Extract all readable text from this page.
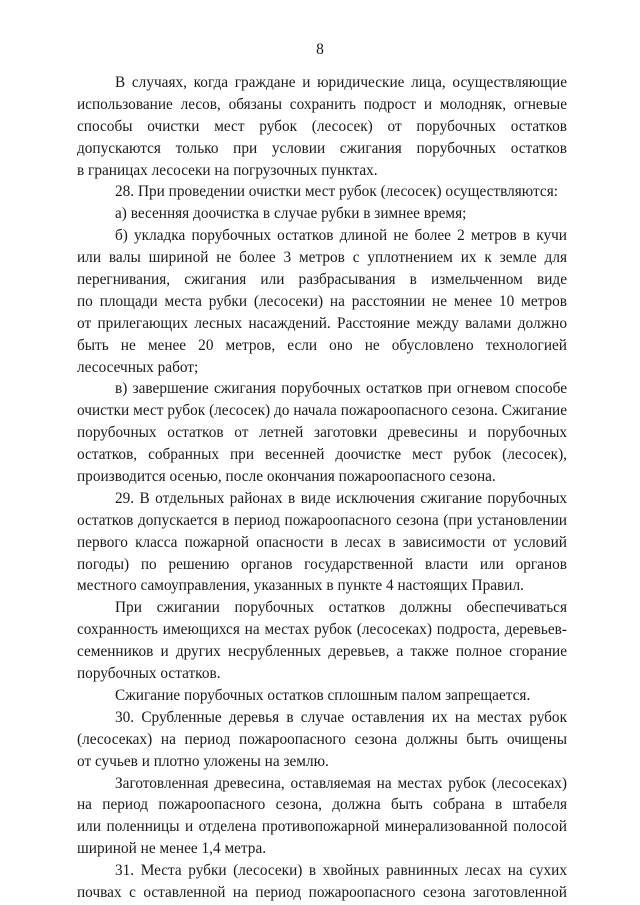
8
В случаях, когда граждане и юридические лица, осуществляющие
использование лесов, обязаны сохранить подрост и молодняк, огневые
способы очистки мест рубок (лесосек) от порубочных остатков
допускаются только при условии сжигания порубочных остатков
в границах лесосеки на погрузочных пунктах.
28. При проведении очистки мест рубок (лесосек) осуществляются:
а) весенняя доочистка в случае рубки в зимнее время;
б) укладка порубочных остатков длиной не более 2 метров в кучи
или валы шириной не более 3 метров с уплотнением их к земле для
перегнивания, сжигания или разбрасывания в измельченном виде
по площади места рубки (лесосеки) на расстоянии не менее 10 метров
от прилегающих лесных насаждений. Расстояние между валами должно
быть не менее 20 метров, если оно не обусловлено технологией
лесосечных работ;
в) завершение сжигания порубочных остатков при огневом способе
очистки мест рубок (лесосек) до начала пожароопасного сезона. Сжигание
порубочных остатков от летней заготовки древесины и порубочных
остатков, собранных при весенней доочистке мест рубок (лесосек),
производится осенью, после окончания пожароопасного сезона.
29. В отдельных районах в виде исключения сжигание порубочных
остатков допускается в период пожароопасного сезона (при установлении
первого класса пожарной опасности в лесах в зависимости от условий
погоды) по решению органов государственной власти или органов
местного самоуправления, указанных в пункте 4 настоящих Правил.
При сжигании порубочных остатков должны обеспечиваться
сохранность имеющихся на местах рубок (лесосеках) подроста, деревьев-
семенников и других несрубленных деревьев, а также полное сгорание
порубочных остатков.
Сжигание порубочных остатков сплошным палом запрещается.
30. Срубленные деревья в случае оставления их на местах рубок
(лесосеках) на период пожароопасного сезона должны быть очищены
от сучьев и плотно уложены на землю.
Заготовленная древесина, оставляемая на местах рубок (лесосеках)
на период пожароопасного сезона, должна быть собрана в штабеля
или поленницы и отделена противопожарной минерализованной полосой
шириной не менее 1,4 метра.
31. Места рубки (лесосеки) в хвойных равнинных лесах на сухих
почвах с оставленной на период пожароопасного сезона заготовленной
